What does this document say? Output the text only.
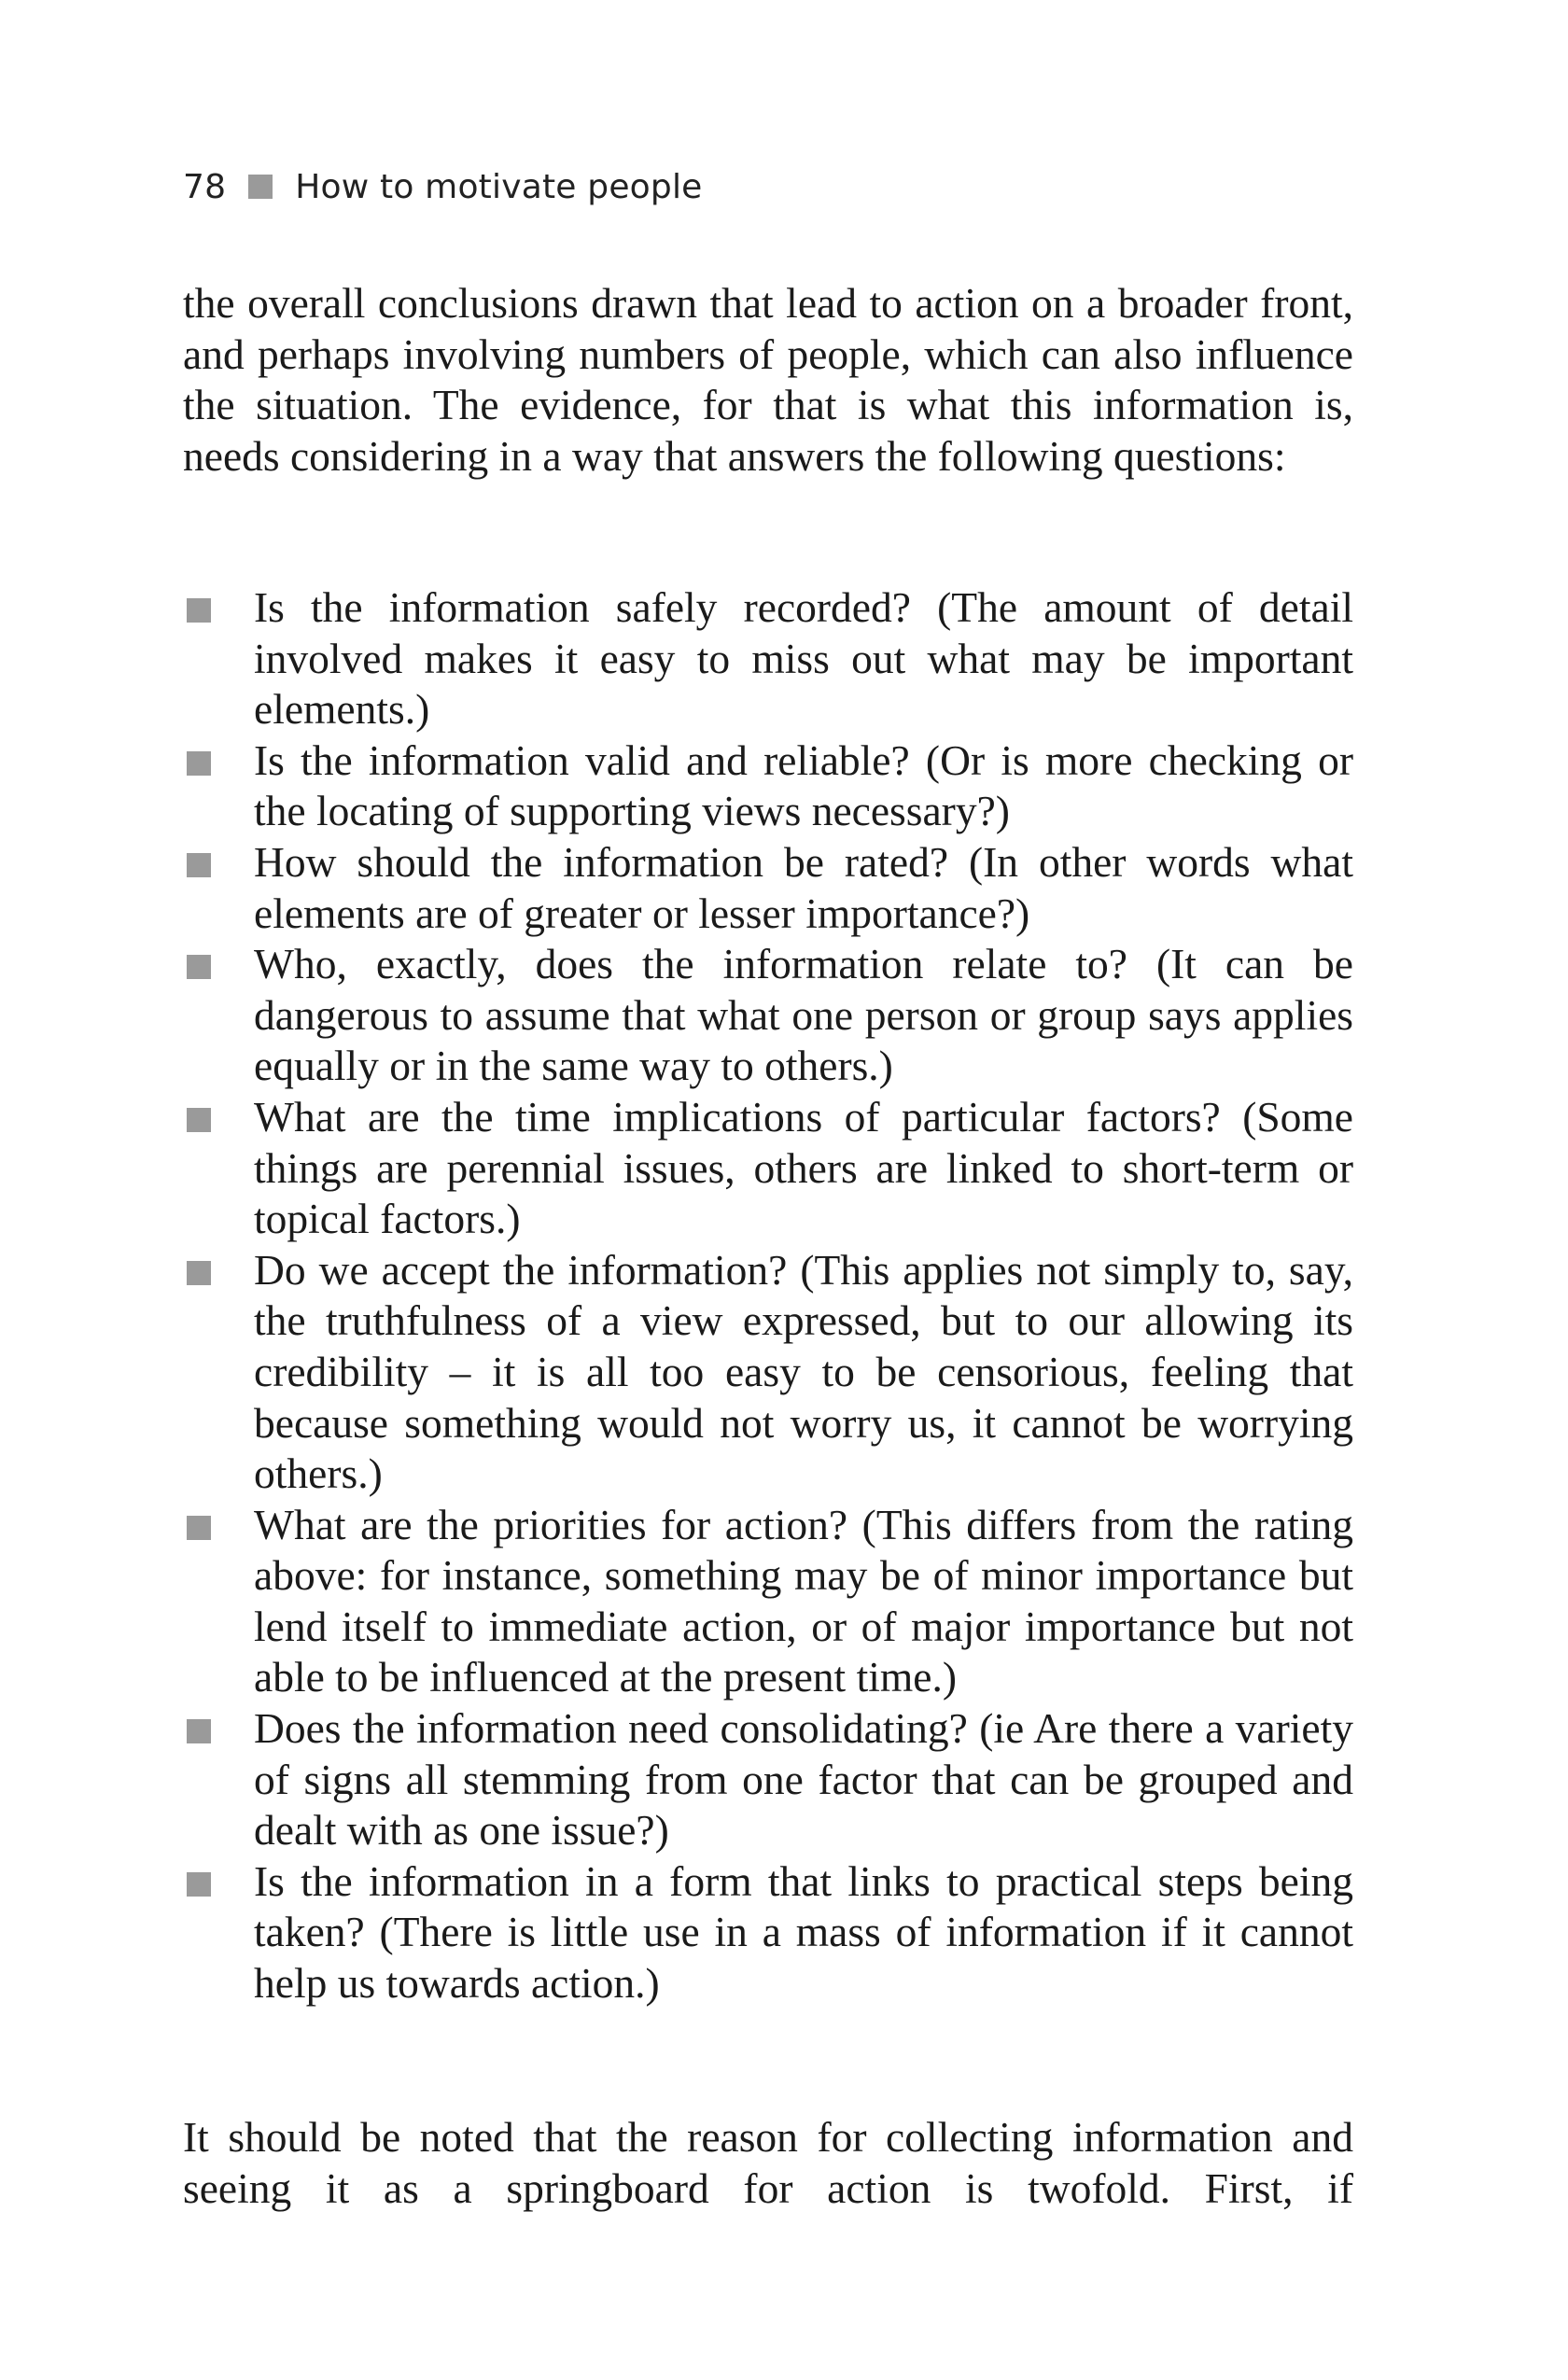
78 How to motivate people

the overall conclusions drawn that lead to action on a broader front, and perhaps involving numbers of people, which can also influence the situation. The evidence, for that is what this information is, needs considering in a way that answers the following questions:

Is the information safely recorded? (The amount of detail involved makes it easy to miss out what may be important elements.)
Is the information valid and reliable? (Or is more checking or the locating of supporting views necessary?)
How should the information be rated? (In other words what elements are of greater or lesser importance?)
Who, exactly, does the information relate to? (It can be dangerous to assume that what one person or group says applies equally or in the same way to others.)
What are the time implications of particular factors? (Some things are perennial issues, others are linked to short-term or topical factors.)
Do we accept the information? (This applies not simply to, say, the truthfulness of a view expressed, but to our allowing its credibility – it is all too easy to be censorious, feeling that because something would not worry us, it cannot be worrying others.)
What are the priorities for action? (This differs from the rating above: for instance, something may be of minor importance but lend itself to immediate action, or of major importance but not able to be influenced at the present time.)
Does the information need consolidating? (ie Are there a variety of signs all stemming from one factor that can be grouped and dealt with as one issue?)
Is the information in a form that links to practical steps being taken? (There is little use in a mass of information if it cannot help us towards action.)

It should be noted that the reason for collecting information and seeing it as a springboard for action is twofold. First, if
